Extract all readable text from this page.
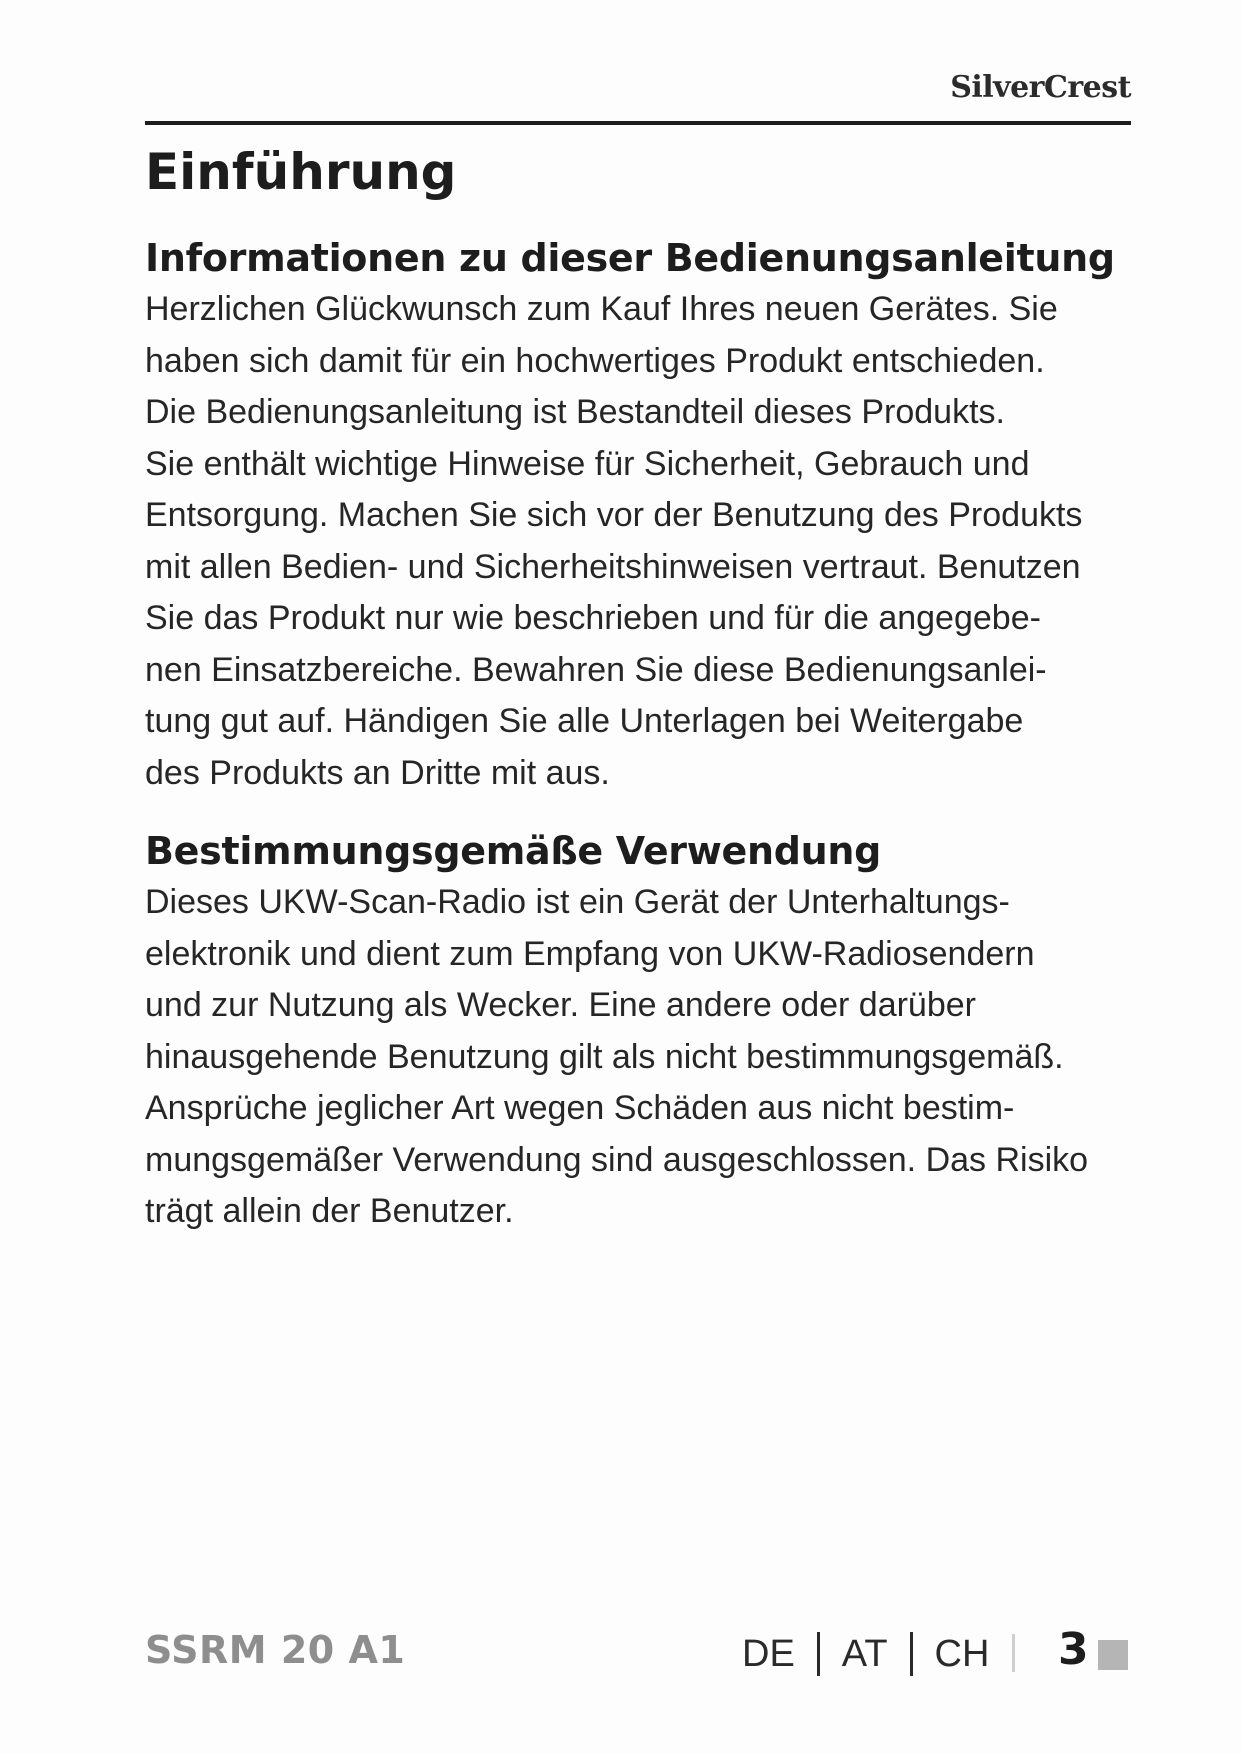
SilverCrest
Einführung
Informationen zu dieser Bedienungsanleitung
Herzlichen Glückwunsch zum Kauf Ihres neuen Gerätes. Sie
haben sich damit für ein hochwertiges Produkt entschieden.
Die Bedienungsanleitung ist Bestandteil dieses Produkts.
Sie enthält wichtige Hinweise für Sicherheit, Gebrauch und
Entsorgung. Machen Sie sich vor der Benutzung des Produkts
mit allen Bedien- und Sicherheitshinweisen vertraut. Benutzen
Sie das Produkt nur wie beschrieben und für die angegebe-
nen Einsatzbereiche. Bewahren Sie diese Bedienungsanlei-
tung gut auf. Händigen Sie alle Unterlagen bei Weitergabe
des Produkts an Dritte mit aus.
Bestimmungsgemäße Verwendung
Dieses UKW-Scan-Radio ist ein Gerät der Unterhaltungs-
elektronik und dient zum Empfang von UKW-Radiosendern
und zur Nutzung als Wecker. Eine andere oder darüber
hinausgehende Benutzung gilt als nicht bestimmungsgemäß.
Ansprüche jeglicher Art wegen Schäden aus nicht bestim-
mungsgemäßer Verwendung sind ausgeschlossen. Das Risiko
trägt allein der Benutzer.
SSRM 20 A1	DE AT CH 3
